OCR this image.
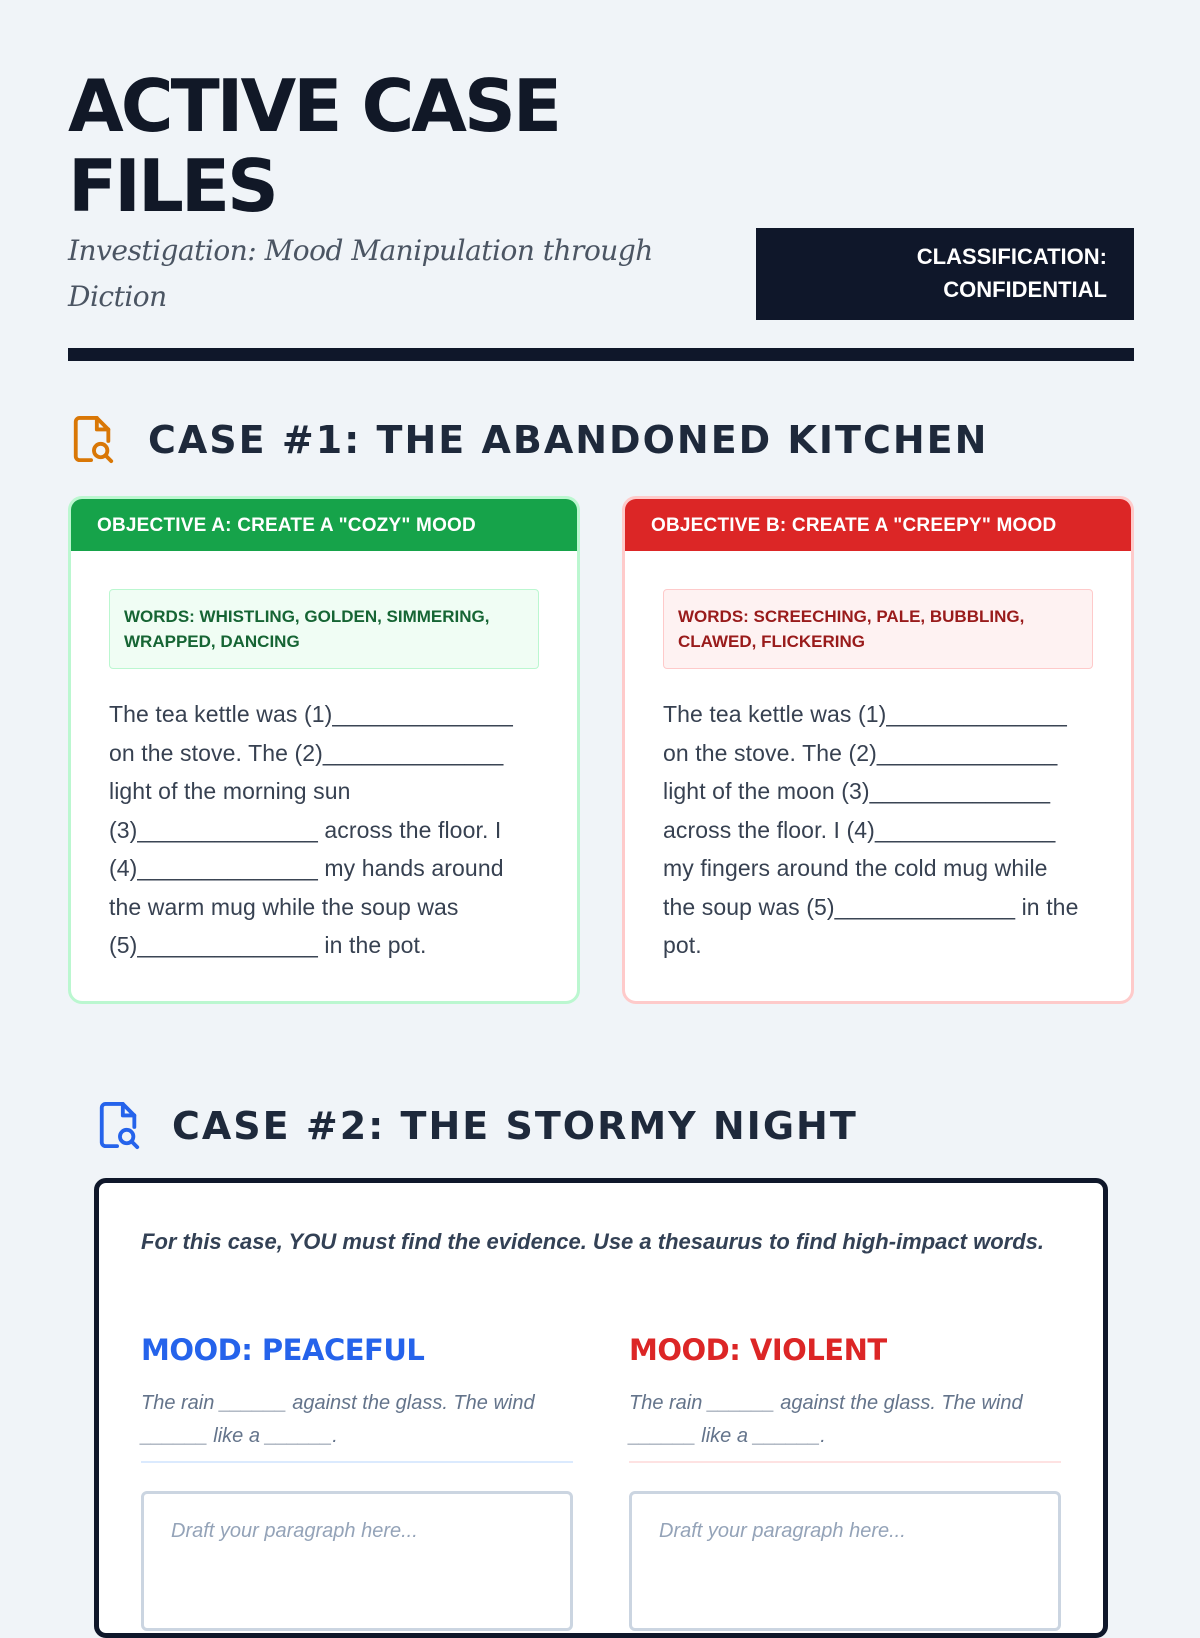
ACTIVE CASE
FILES
Investigation: Mood Manipulation through Diction
CLASSIFICATION:
CONFIDENTIAL
CASE #1: THE ABANDONED KITCHEN
OBJECTIVE A: CREATE A "COZY" MOOD
WORDS: WHISTLING, GOLDEN, SIMMERING, WRAPPED, DANCING
The tea kettle was (1)______________
on the stove. The (2)______________
light of the morning sun
(3)______________ across the floor. I
(4)______________ my hands around
the warm mug while the soup was
(5)______________ in the pot.
OBJECTIVE B: CREATE A "CREEPY" MOOD
WORDS: SCREECHING, PALE, BUBBLING, CLAWED, FLICKERING
The tea kettle was (1)______________
on the stove. The (2)______________
light of the moon (3)______________
across the floor. I (4)______________
my fingers around the cold mug while
the soup was (5)______________ in the
pot.
CASE #2: THE STORMY NIGHT
For this case, YOU must find the evidence. Use a thesaurus to find high-impact words.
MOOD: PEACEFUL
The rain ______ against the glass. The wind ______ like a ______.
Draft your paragraph here...
MOOD: VIOLENT
The rain ______ against the glass. The wind ______ like a ______.
Draft your paragraph here...
